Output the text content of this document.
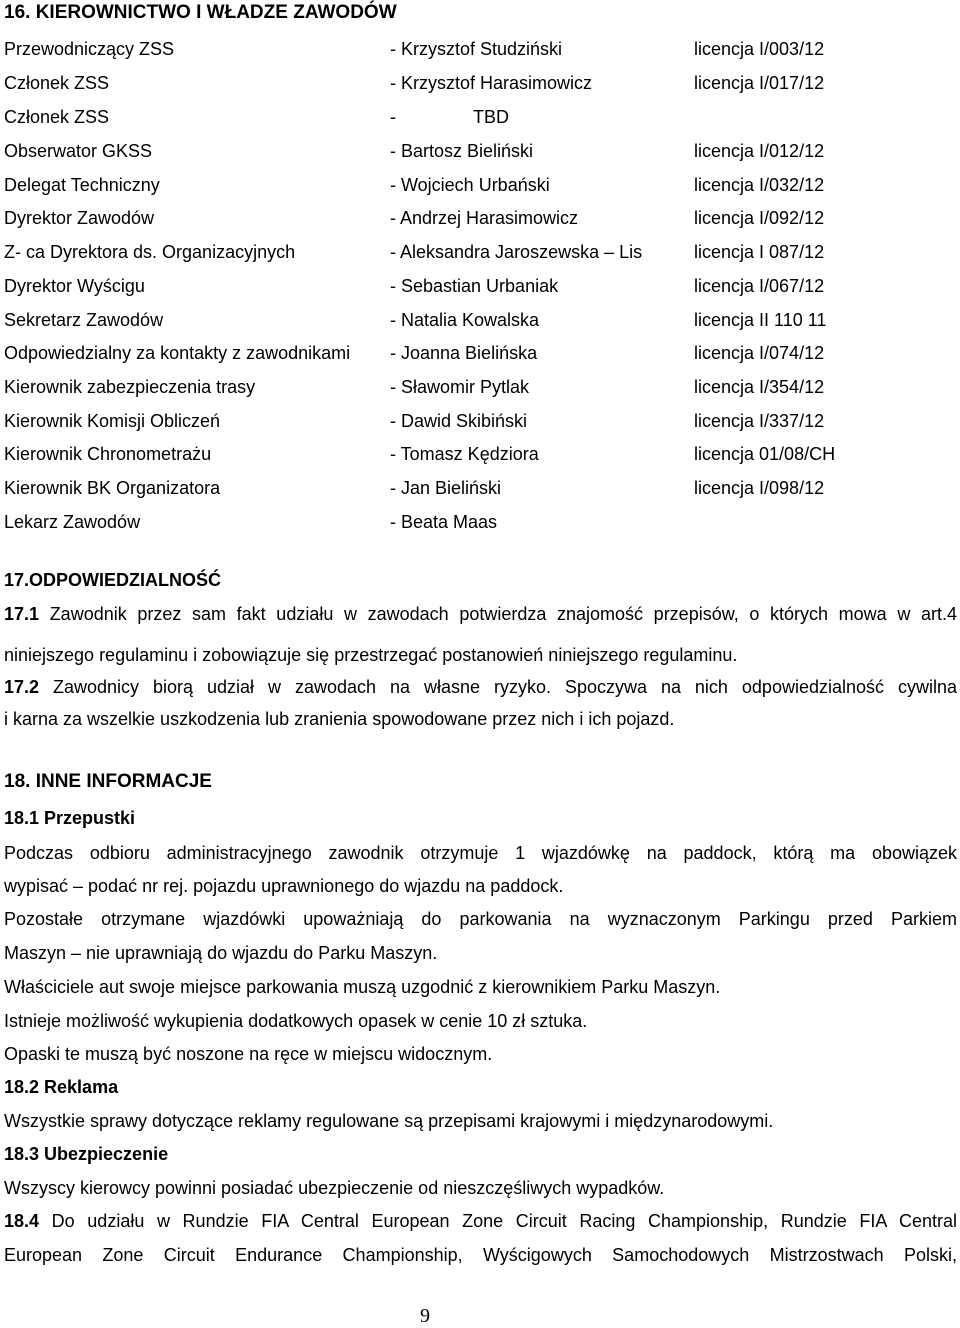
16. KIEROWNICTWO I WŁADZE ZAWODÓW
Przewodniczący ZSS	- Krzysztof Studziński	licencja I/003/12
Członek ZSS	- Krzysztof Harasimowicz	licencja I/017/12
Członek ZSS	-	TBD
Obserwator GKSS	- Bartosz Bieliński	licencja I/012/12
Delegat Techniczny	- Wojciech Urbański	licencja I/032/12
Dyrektor Zawodów	- Andrzej Harasimowicz	licencja I/092/12
Z- ca Dyrektora ds. Organizacyjnych	- Aleksandra Jaroszewska – Lis	licencja I 087/12
Dyrektor Wyścigu	- Sebastian Urbaniak	licencja I/067/12
Sekretarz Zawodów	- Natalia Kowalska	licencja II 110 11
Odpowiedzialny za kontakty z zawodnikami - Joanna Bielińska	licencja I/074/12
Kierownik zabezpieczenia trasy	- Sławomir Pytlak	licencja I/354/12
Kierownik Komisji Obliczeń	- Dawid Skibiński	licencja I/337/12
Kierownik Chronometrażu	- Tomasz Kędziora	licencja 01/08/CH
Kierownik BK Organizatora	- Jan Bieliński	licencja I/098/12
Lekarz Zawodów	- Beata Maas
17.ODPOWIEDZIALNOŚĆ
17.1 Zawodnik przez sam fakt udziału w zawodach potwierdza znajomość przepisów, o których mowa w art.4
niniejszego regulaminu i zobowiązuje się przestrzegać postanowień niniejszego regulaminu.
17.2 Zawodnicy biorą udział w zawodach na własne ryzyko. Spoczywa na nich odpowiedzialność cywilna
i karna za wszelkie uszkodzenia lub zranienia spowodowane przez nich i ich pojazd.
18. INNE INFORMACJE
18.1 Przepustki
Podczas odbioru administracyjnego zawodnik otrzymuje 1 wjazdówkę na paddock, którą ma obowiązek
wypisać – podać nr rej. pojazdu uprawnionego do wjazdu na paddock.
Pozostałe otrzymane wjazdówki upoważniają do parkowania na wyznaczonym Parkingu przed Parkiem
Maszyn – nie uprawniają do wjazdu do Parku Maszyn.
Właściciele aut swoje miejsce parkowania muszą uzgodnić z kierownikiem Parku Maszyn.
Istnieje możliwość wykupienia dodatkowych opasek w cenie 10 zł sztuka.
Opaski te muszą być noszone na ręce w miejscu widocznym.
18.2 Reklama
Wszystkie sprawy dotyczące reklamy regulowane są przepisami krajowymi i międzynarodowymi.
18.3 Ubezpieczenie
Wszyscy kierowcy powinni posiadać ubezpieczenie od nieszczęśliwych wypadków.
18.4 Do udziału w Rundzie FIA Central European Zone Circuit Racing Championship, Rundzie FIA Central
European Zone Circuit Endurance Championship, Wyścigowych Samochodowych Mistrzostwach Polski,
9
